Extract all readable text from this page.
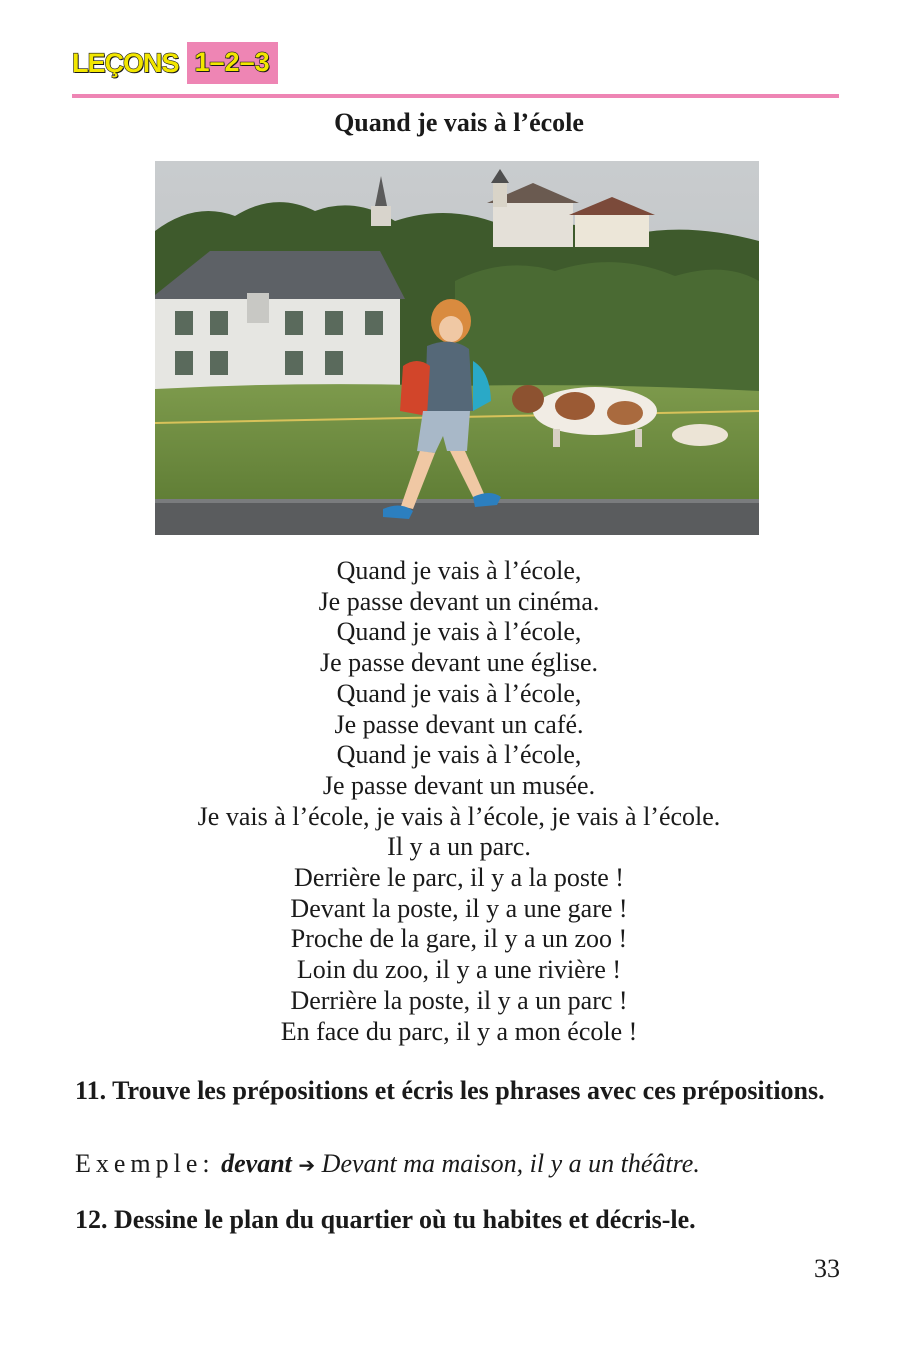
LEÇONS 1–2–3
Quand je vais à l’école
Quand je vais à l’école,
Je passe devant un cinéma.
Quand je vais à l’école,
Je passe devant une église.
Quand je vais à l’école,
Je passe devant un café.
Quand je vais à l’école,
Je passe devant un musée.
Je vais à l’école, je vais à l’école, je vais à l’école.
Il y a un parc.
Derrière le parc, il y a la poste !
Devant la poste, il y a une gare !
Proche de la gare, il y a un zoo !
Loin du zoo, il y a une rivière !
Derrière la poste, il y a un parc !
En face du parc, il y a mon école !
11. Trouve les prépositions et écris les phrases avec ces prépositions.
Exemple: devant ➔ Devant ma maison, il y a un théâtre.
12. Dessine le plan du quartier où tu habites et décris-le.
33
